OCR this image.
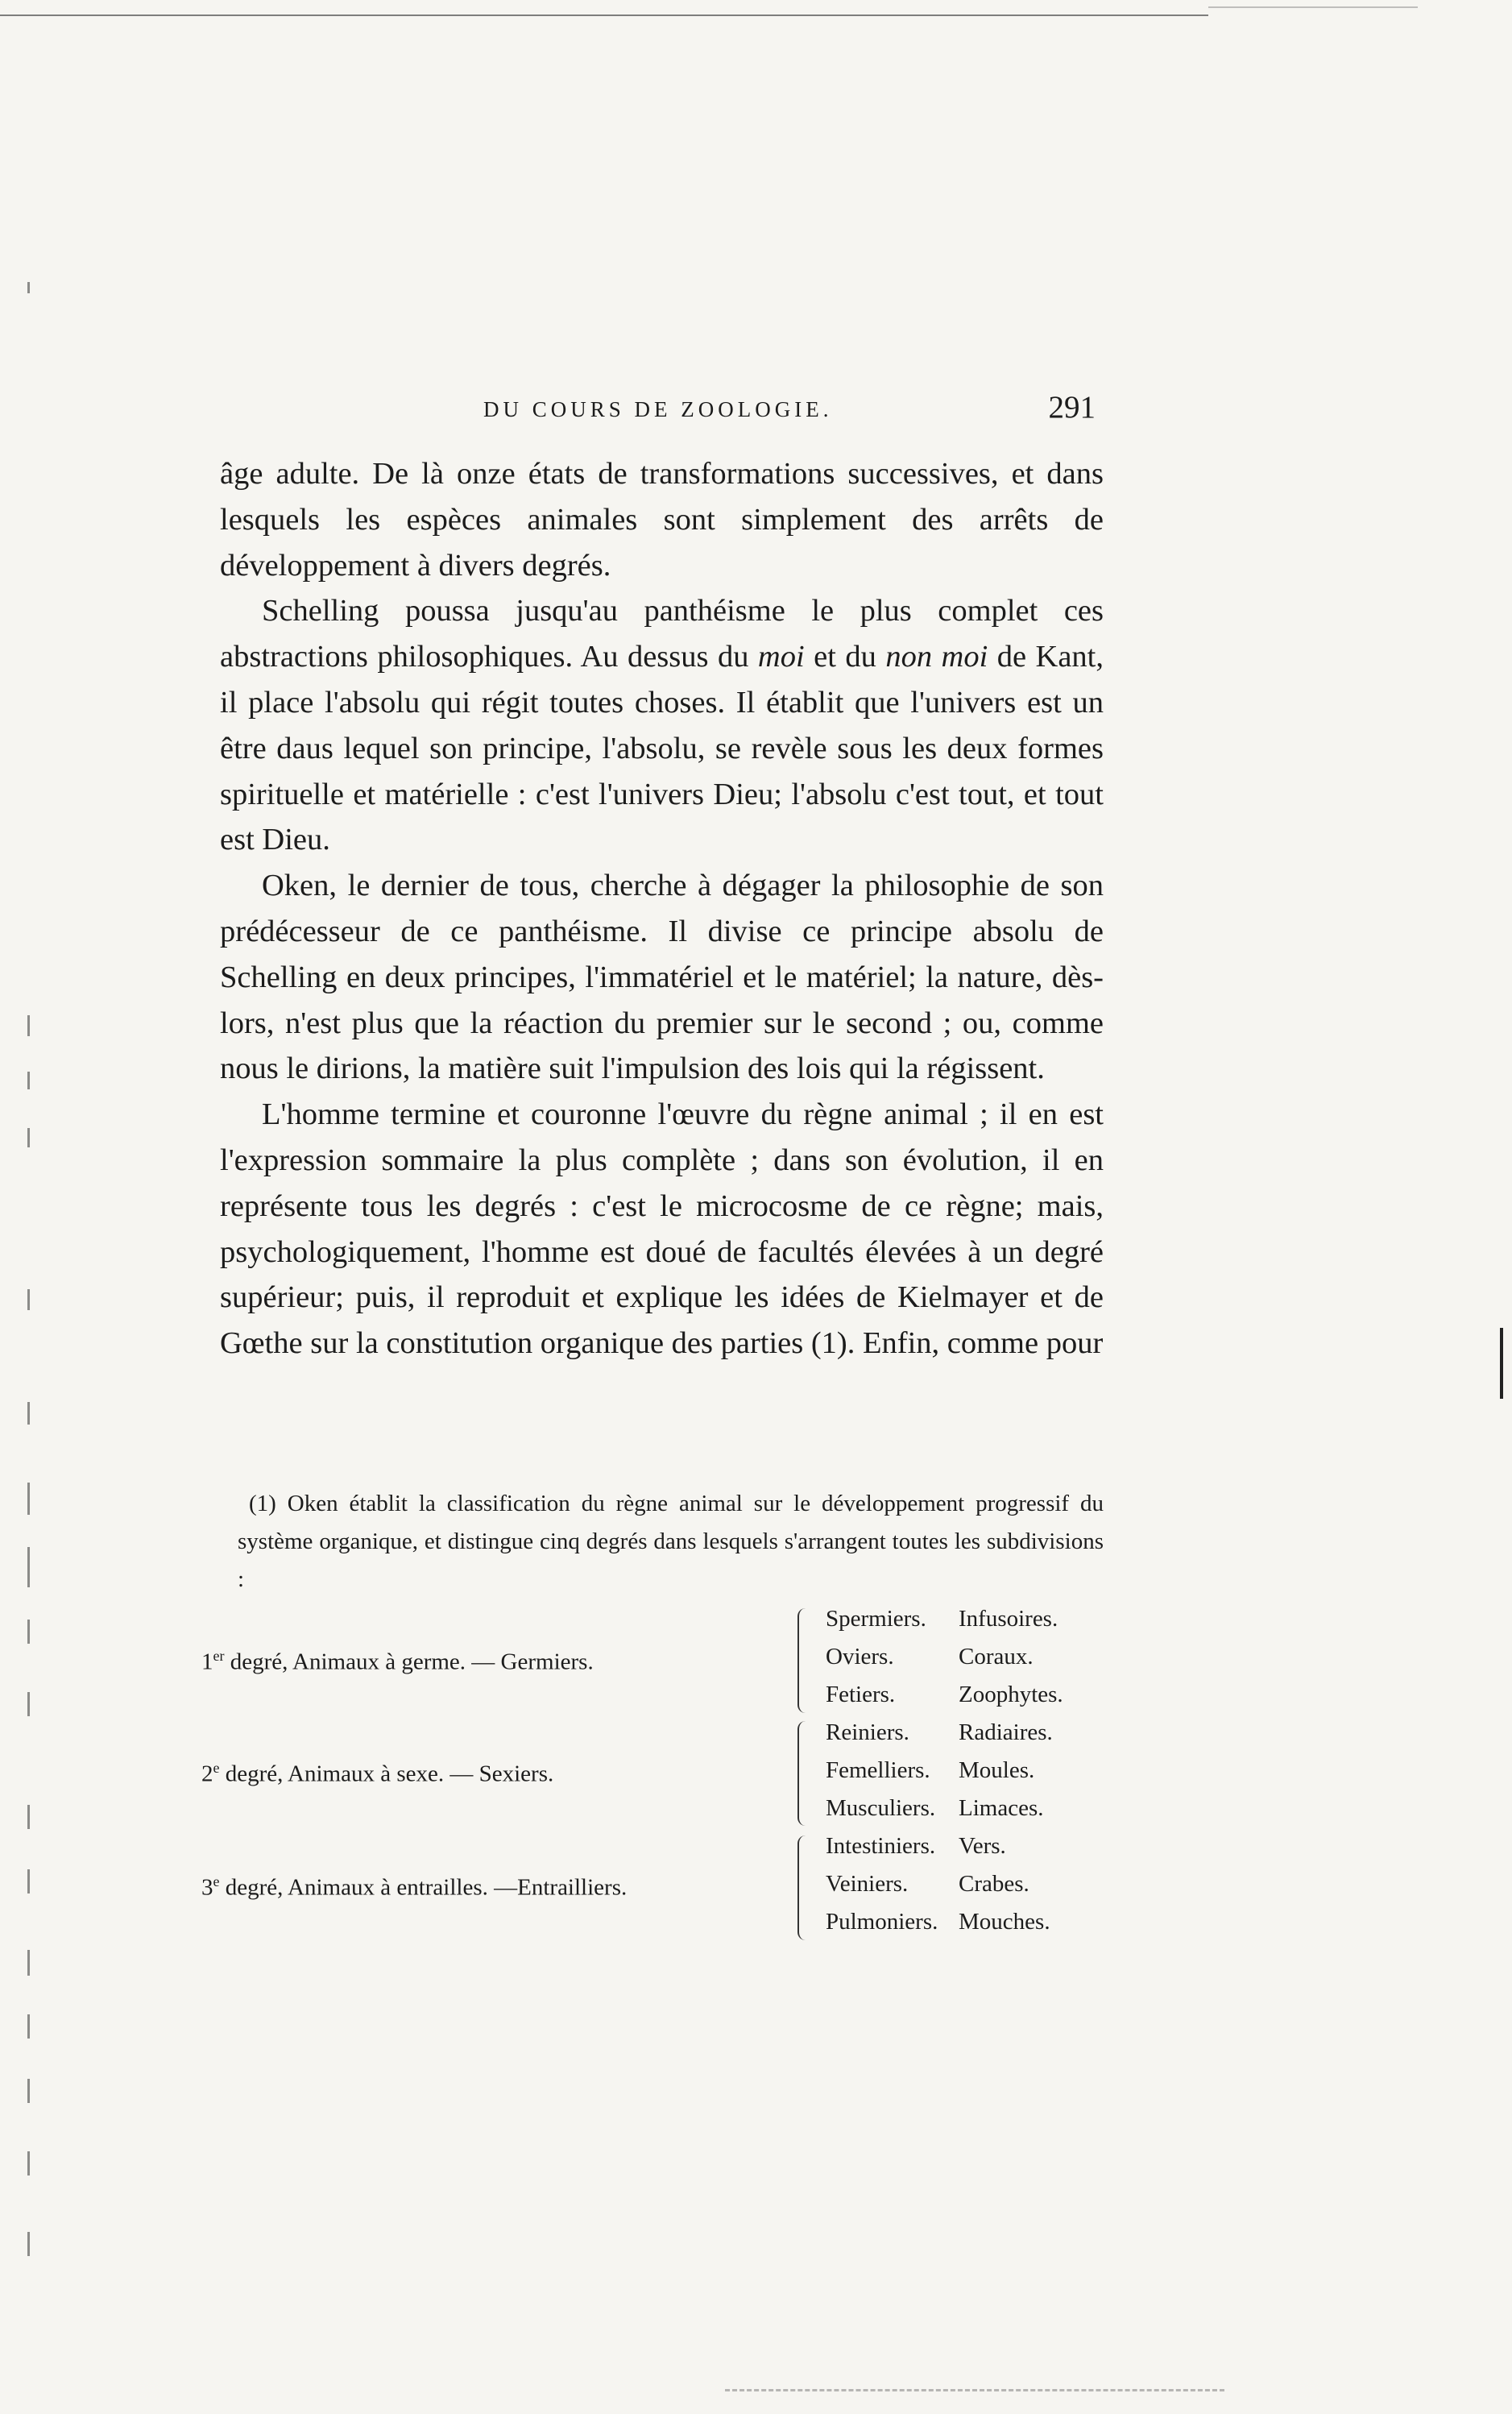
DU COURS DE ZOOLOGIE.	291

âge adulte. De là onze états de transformations successives, et dans lesquels les espèces animales sont simplement des arrêts de développement à divers degrés.

Schelling poussa jusqu'au panthéisme le plus complet ces abstractions philosophiques. Au dessus du moi et du non moi de Kant, il place l'absolu qui régit toutes choses. Il établit que l'univers est un être daus lequel son principe, l'absolu, se revèle sous les deux formes spirituelle et matérielle : c'est l'univers Dieu; l'absolu c'est tout, et tout est Dieu.

Oken, le dernier de tous, cherche à dégager la philosophie de son prédécesseur de ce panthéisme. Il divise ce principe absolu de Schelling en deux principes, l'immatériel et le matériel; la nature, dès-lors, n'est plus que la réaction du premier sur le second ; ou, comme nous le dirions, la matière suit l'impulsion des lois qui la régissent.

L'homme termine et couronne l'œuvre du règne animal ; il en est l'expression sommaire la plus complète ; dans son évolution, il en représente tous les degrés : c'est le microcosme de ce règne; mais, psychologiquement, l'homme est doué de facultés élevées à un degré supérieur; puis, il reproduit et explique les idées de Kielmayer et de Gœthe sur la constitution organique des parties (1). Enfin, comme pour

(1) Oken établit la classification du règne animal sur le développement progressif du système organique, et distingue cinq degrés dans lesquels s'arrangent toutes les subdivisions :

1er degré, Animaux à germe. — Germiers.
Spermiers. Infusoires.
Oviers.	Coraux.
Fetiers.	Zoophytes.
2e degré, Animaux à sexe. — Sexiers.
Reiniers. Radiaires.
Femelliers. Moules.
Musculiers. Limaces.
3e degré, Animaux à entrailles. —Entrailliers.
Intestiniers. Vers.
Veiniers. Crabes.
Pulmoniers. Mouches.
